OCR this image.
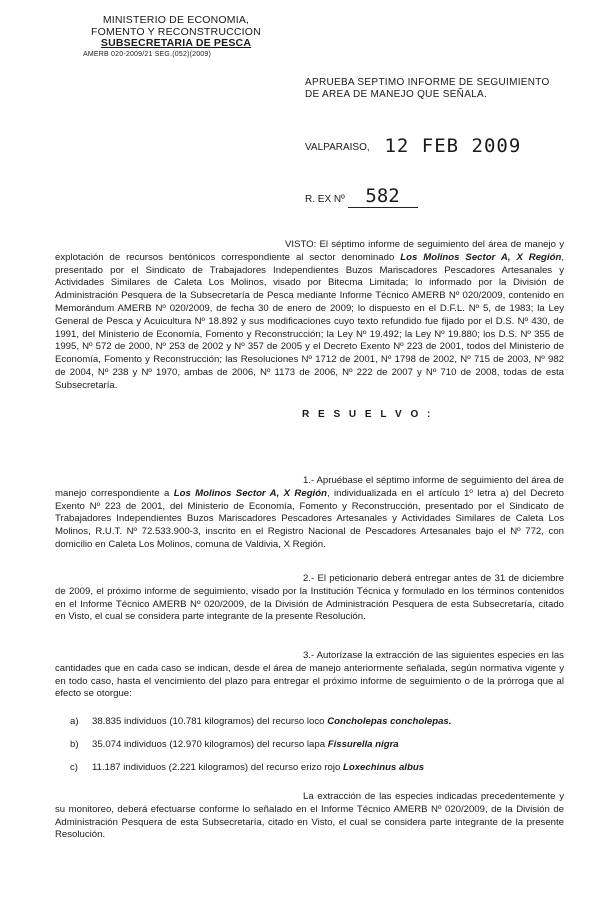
MINISTERIO DE ECONOMIA,
FOMENTO Y RECONSTRUCCION
SUBSECRETARIA DE PESCA
AMERB 020-2009/21 SEG.(052)(2009)
APRUEBA SEPTIMO INFORME DE SEGUIMIENTO
DE AREA DE MANEJO QUE SEÑALA.
VALPARAISO, 12 FEB 2009
R. EX Nº 582
VISTO: El séptimo informe de seguimiento del área de manejo y explotación de recursos bentónicos correspondiente al sector denominado Los Molinos Sector A, X Región, presentado por el Sindicato de Trabajadores Independientes Buzos Mariscadores Pescadores Artesanales y Actividades Similares de Caleta Los Molinos, visado por Bitecma Limitada; lo informado por la División de Administración Pesquera de la Subsecretaría de Pesca mediante Informe Técnico AMERB Nº 020/2009, contenido en Memorándum AMERB Nº 020/2009, de fecha 30 de enero de 2009; lo dispuesto en el D.F.L. Nº 5, de 1983; la Ley General de Pesca y Acuicultura Nº 18.892 y sus modificaciones cuyo texto refundido fue fijado por el D.S. Nº 430, de 1991, del Ministerio de Economía, Fomento y Reconstrucción; la Ley Nº 19.492; la Ley Nº 19.880; los D.S. Nº 355 de 1995, Nº 572 de 2000, Nº 253 de 2002 y Nº 357 de 2005 y el Decreto Exento Nº 223 de 2001, todos del Ministerio de Economía, Fomento y Reconstrucción; las Resoluciones Nº 1712 de 2001, Nº 1798 de 2002, Nº 715 de 2003, Nº 982 de 2004, Nº 238 y Nº 1970, ambas de 2006, Nº 1173 de 2006, Nº 222 de 2007 y Nº 710 de 2008, todas de esta Subsecretaría.
R E S U E L V O :
1.- Apruébase el séptimo informe de seguimiento del área de manejo correspondiente a Los Molinos Sector A, X Región, individualizada en el artículo 1º letra a) del Decreto Exento Nº 223 de 2001, del Ministerio de Economía, Fomento y Reconstrucción, presentado por el Sindicato de Trabajadores Independientes Buzos Mariscadores Pescadores Artesanales y Actividades Similares de Caleta Los Molinos, R.U.T. Nº 72.533.900-3, inscrito en el Registro Nacional de Pescadores Artesanales bajo el Nº 772, con domicilio en Caleta Los Molinos, comuna de Valdivia, X Región.
2.- El peticionario deberá entregar antes de 31 de diciembre de 2009, el próximo informe de seguimiento, visado por la Institución Técnica y formulado en los términos contenidos en el Informe Técnico AMERB Nº 020/2009, de la División de Administración Pesquera de esta Subsecretaría, citado en Visto, el cual se considera parte integrante de la presente Resolución.
3.- Autorízase la extracción de las siguientes especies en las cantidades que en cada caso se indican, desde el área de manejo anteriormente señalada, según normativa vigente y en todo caso, hasta el vencimiento del plazo para entregar el próximo informe de seguimiento o de la prórroga que al efecto se otorgue:
a) 38.835 individuos (10.781 kilogramos) del recurso loco Concholepas concholepas.
b) 35.074 individuos (12.970 kilogramos) del recurso lapa Fissurella nigra
c) 11.187 individuos (2.221 kilogramos) del recurso erizo rojo Loxechinus albus
La extracción de las especies indicadas precedentemente y su monitoreo, deberá efectuarse conforme lo señalado en el Informe Técnico AMERB Nº 020/2009, de la División de Administración Pesquera de esta Subsecretaría, citado en Visto, el cual se considera parte integrante de la presente Resolución.
